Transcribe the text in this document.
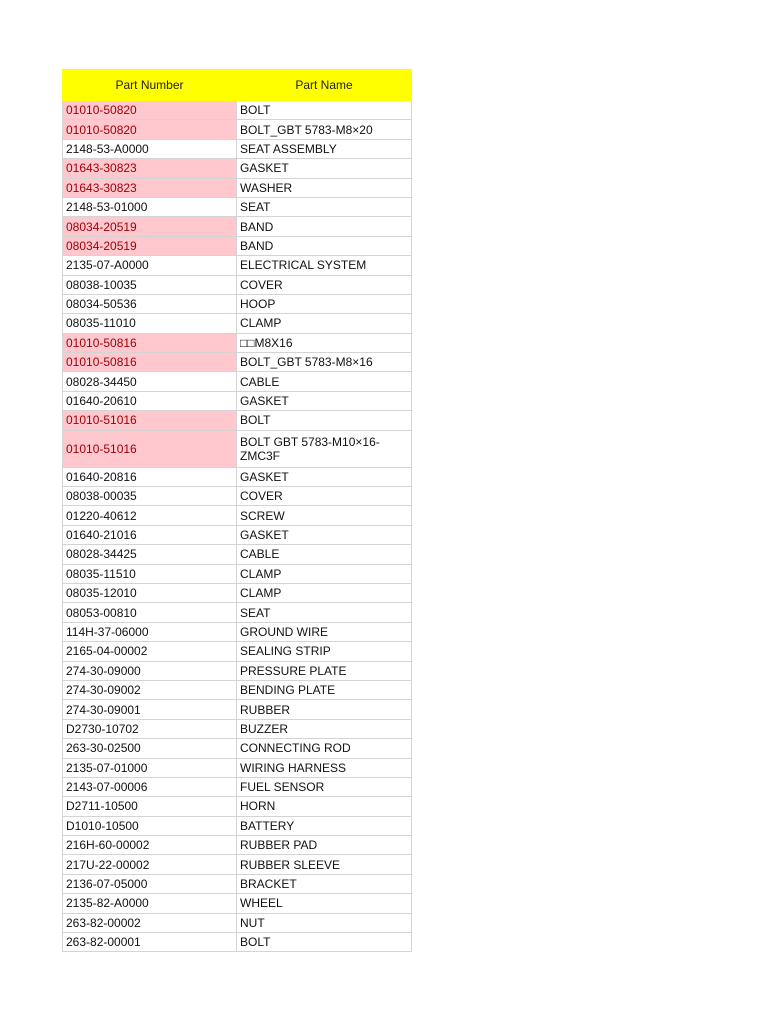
Part Number	Part Name
01010-50820	BOLT
01010-50820	BOLT_GBT 5783-M8×20
2148-53-A0000	SEAT ASSEMBLY
01643-30823	GASKET
01643-30823	WASHER
2148-53-01000	SEAT
08034-20519	BAND
08034-20519	BAND
2135-07-A0000	ELECTRICAL SYSTEM
08038-10035	COVER
08034-50536	HOOP
08035-11010	CLAMP
01010-50816	□□M8X16
01010-50816	BOLT_GBT 5783-M8×16
08028-34450	CABLE
01640-20610	GASKET
01010-51016	BOLT
01010-51016	BOLT GBT 5783-M10×16-ZMC3F
01640-20816	GASKET
08038-00035	COVER
01220-40612	SCREW
01640-21016	GASKET
08028-34425	CABLE
08035-11510	CLAMP
08035-12010	CLAMP
08053-00810	SEAT
114H-37-06000	GROUND WIRE
2165-04-00002	SEALING STRIP
274-30-09000	PRESSURE PLATE
274-30-09002	BENDING PLATE
274-30-09001	RUBBER
D2730-10702	BUZZER
263-30-02500	CONNECTING ROD
2135-07-01000	WIRING HARNESS
2143-07-00006	FUEL SENSOR
D2711-10500	HORN
D1010-10500	BATTERY
216H-60-00002	RUBBER PAD
217U-22-00002	RUBBER SLEEVE
2136-07-05000	BRACKET
2135-82-A0000	WHEEL
263-82-00002	NUT
263-82-00001	BOLT
